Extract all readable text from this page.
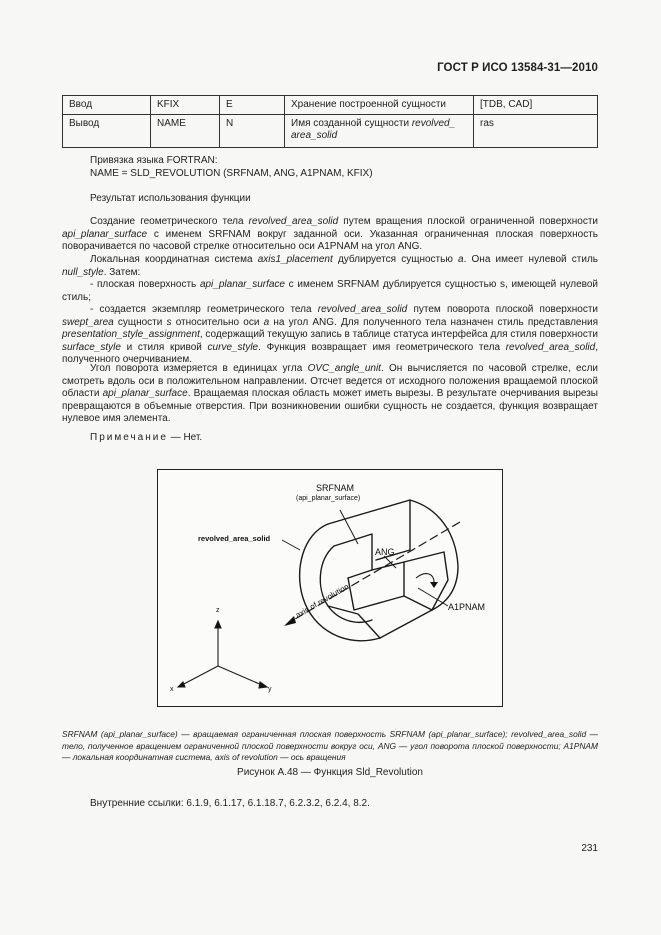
ГОСТ Р ИСО 13584-31—2010
Ввод	KFIX	E	Хранение построенной сущности	[TDB, CAD]
Вывод	NAME	N	Имя созданной сущности revolved_ area_solid	ras
Привязка языка FORTRAN:
NAME = SLD_REVOLUTION (SRFNAM, ANG, A1PNAM, KFIX)
Результат использования функции
Создание геометрического тела revolved_area_solid путем вращения плоской ограниченной поверхности api_planar_surface с именем SRFNAM вокруг заданной оси. Указанная ограниченная плоская поверхность поворачивается по часовой стрелке относительно оси A1PNAM на угол ANG.
Локальная координатная система axis1_placement дублируется сущностью a. Она имеет нулевой стиль null_style. Затем:
- плоская поверхность api_planar_surface с именем SRFNAM дублируется сущностью s, имеющей нулевой стиль;
- создается экземпляр геометрического тела revolved_area_solid путем поворота плоской поверхности swept_area сущности s относительно оси a на угол ANG. Для полученного тела назначен стиль представления presentation_style_assignment, содержащий текущую запись в таблице статуса интерфейса для стиля поверхности surface_style и стиля кривой curve_style. Функция возвращает имя геометрического тела revolved_area_solid, полученного очерчиванием.
Угол поворота измеряется в единицах угла OVC_angle_unit. Он вычисляется по часовой стрелке, если смотреть вдоль оси в положительном направлении. Отсчет ведется от исходного положения вращаемой плоской области api_planar_surface. Вращаемая плоская область может иметь вырезы. В результате очерчивания вырезы превращаются в объемные отверстия. При возникновении ошибки сущность не создается, функция возвращает нулевое имя элемента.
Примечание — Нет.
SRFNAM
(api_planar_surface)
revolved_area_solid
ANG
A1PNAM
axis of revolution
z
x	y
SRFNAM (api_planar_surface) — вращаемая ограниченная плоская поверхность SRFNAM (api_planar_surface); revolved_area_solid — тело, полученное вращением ограниченной плоской поверхности вокруг оси, ANG — угол поворота плоской поверхности; A1PNAM — локальная координатная система, axis of revolution — ось вращения
Рисунок А.48 — Функция Sld_Revolution
Внутренние ссылки: 6.1.9, 6.1.17, 6.1.18.7, 6.2.3.2, 6.2.4, 8.2.
231
